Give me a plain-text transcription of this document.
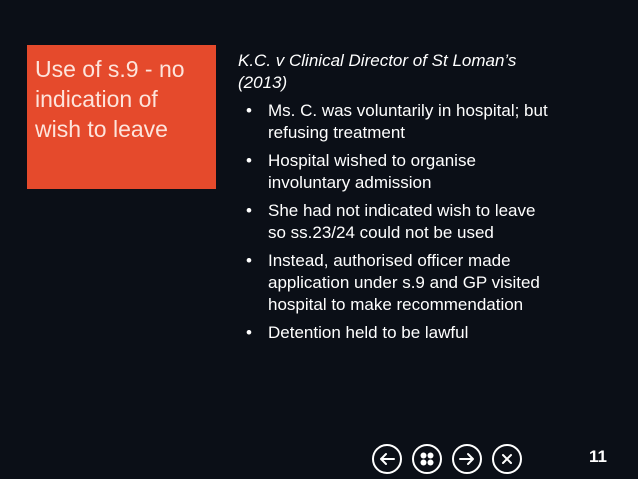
Use of s.9 - no
indication of
wish to leave
K.C. v Clinical Director of St Loman’s
(2013)
• Ms. C. was voluntarily in hospital; but
refusing treatment
• Hospital wished to organise
involuntary admission
• She had not indicated wish to leave
so ss.23/24 could not be used
• Instead, authorised officer made
application under s.9 and GP visited
hospital to make recommendation
• Detention held to be lawful
11
